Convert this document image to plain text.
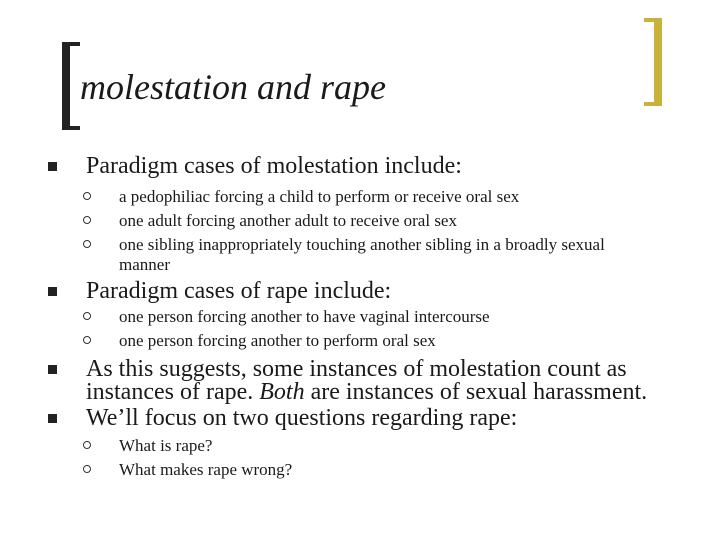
molestation and rape
Paradigm cases of molestation include:
a pedophiliac forcing a child to perform or receive oral sex
one adult forcing another adult to receive oral sex
one sibling inappropriately touching another sibling in a broadly sexual manner
Paradigm cases of rape include:
one person forcing another to have vaginal intercourse
one person forcing another to perform oral sex
As this suggests, some instances of molestation count as instances of rape. Both are instances of sexual harassment.
We’ll focus on two questions regarding rape:
What is rape?
What makes rape wrong?
